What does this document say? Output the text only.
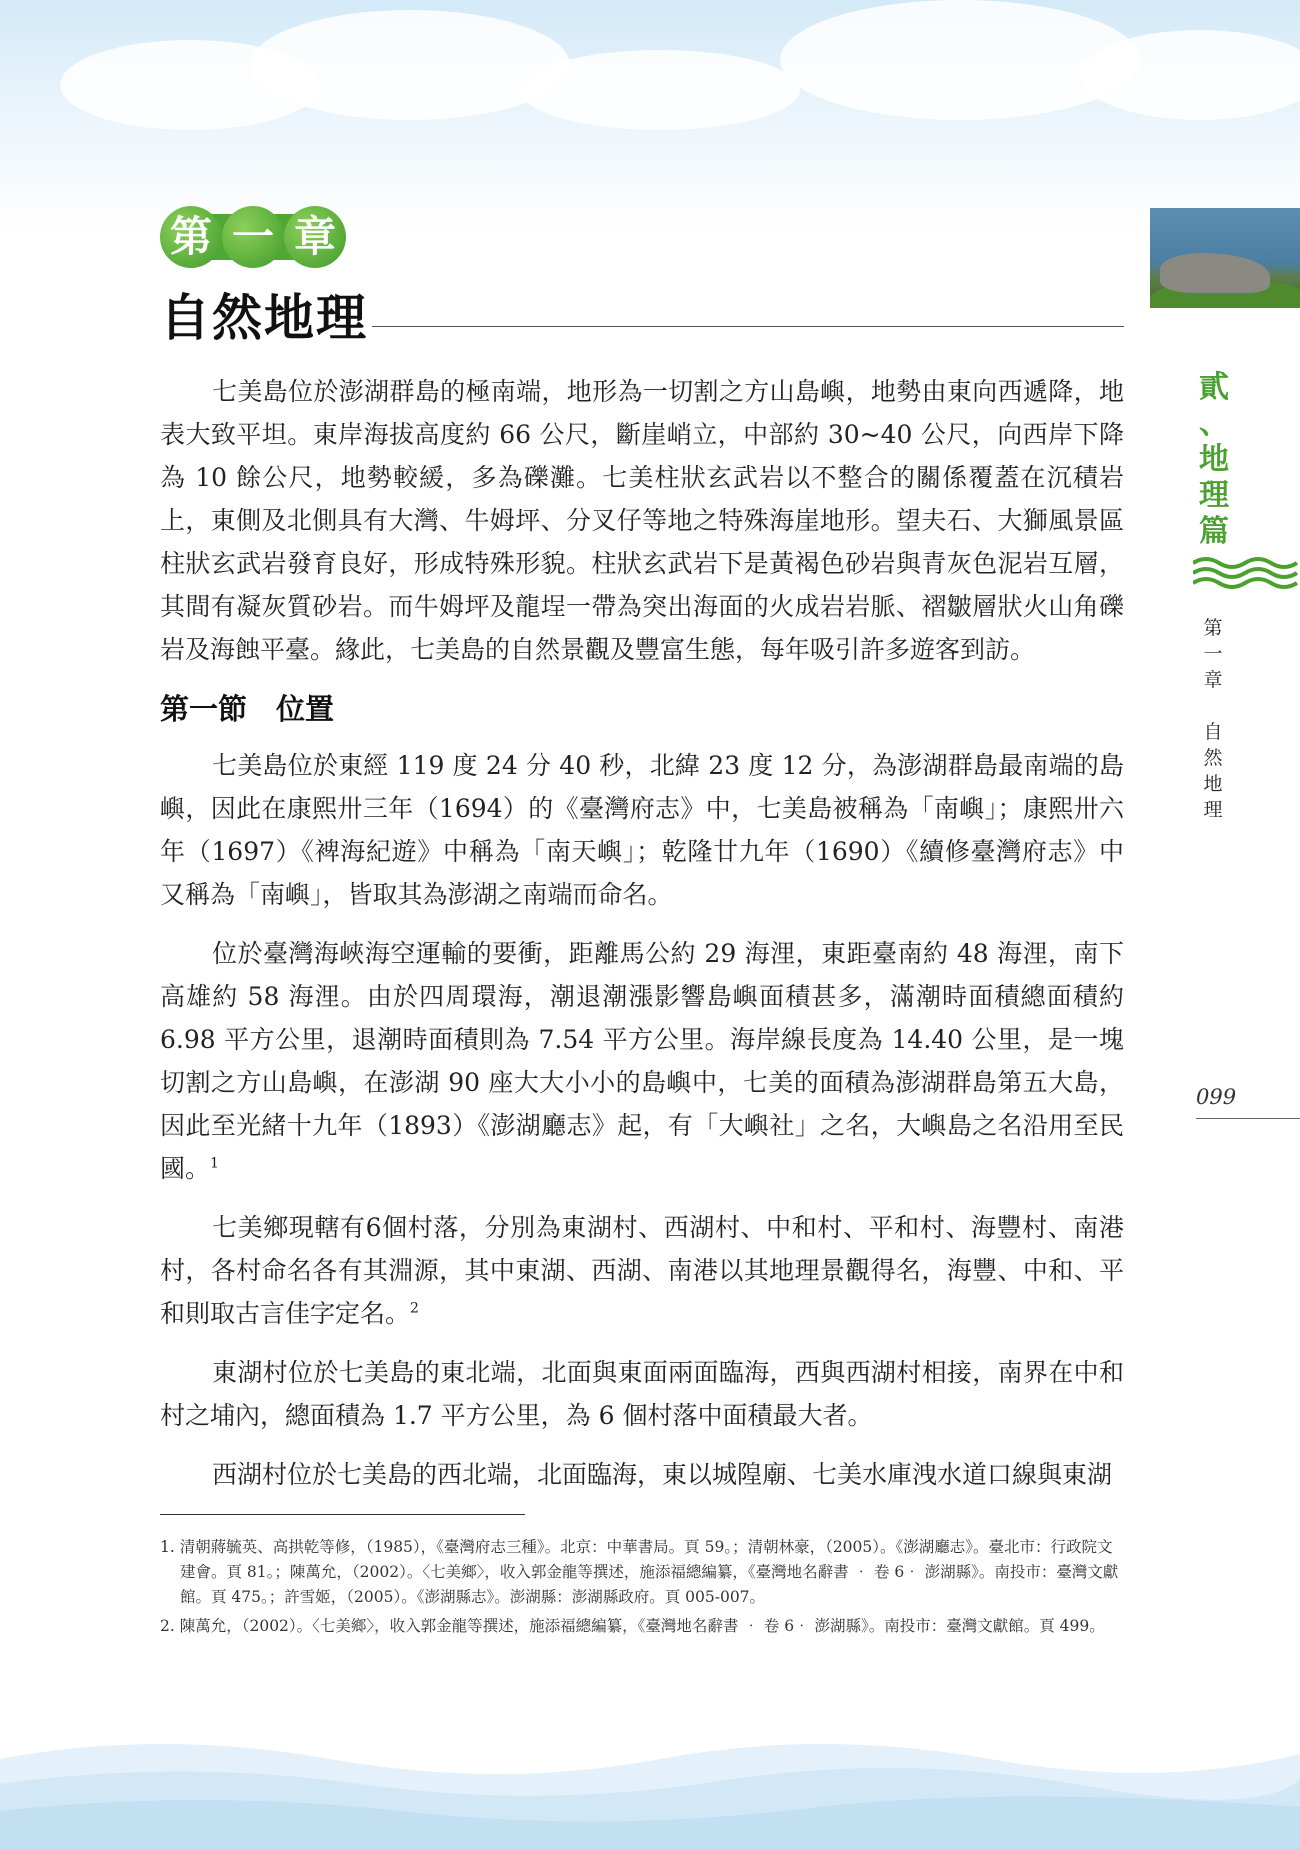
第 一 章
自然地理
貳
、
地
理
篇
第
一
章
自
然
地
理
099

七美島位於澎湖群島的極南端，地形為一切割之方山島嶼，地勢由東向西遞降，地表大致平坦。東岸海拔高度約 66 公尺，斷崖峭立，中部約 30~40 公尺，向西岸下降為 10 餘公尺，地勢較緩，多為礫灘。七美柱狀玄武岩以不整合的關係覆蓋在沉積岩上，東側及北側具有大灣、牛姆坪、分叉仔等地之特殊海崖地形。望夫石、大獅風景區柱狀玄武岩發育良好，形成特殊形貌。柱狀玄武岩下是黃褐色砂岩與青灰色泥岩互層，其間有凝灰質砂岩。而牛姆坪及龍埕一帶為突出海面的火成岩岩脈、褶皺層狀火山角礫岩及海蝕平臺。緣此，七美島的自然景觀及豐富生態，每年吸引許多遊客到訪。

第一節　位置

七美島位於東經 119 度 24 分 40 秒，北緯 23 度 12 分，為澎湖群島最南端的島嶼，因此在康熙卅三年（1694）的《臺灣府志》中，七美島被稱為「南嶼」；康熙卅六年（1697）《裨海紀遊》中稱為「南天嶼」；乾隆廿九年（1690）《續修臺灣府志》中又稱為「南嶼」，皆取其為澎湖之南端而命名。

位於臺灣海峽海空運輸的要衝，距離馬公約 29 海浬，東距臺南約 48 海浬，南下高雄約 58 海浬。由於四周環海，潮退潮漲影響島嶼面積甚多，滿潮時面積總面積約 6.98 平方公里，退潮時面積則為 7.54 平方公里。海岸線長度為 14.40 公里，是一塊切割之方山島嶼，在澎湖 90 座大大小小的島嶼中，七美的面積為澎湖群島第五大島，因此至光緒十九年（1893）《澎湖廳志》起，有「大嶼社」之名，大嶼島之名沿用至民國。$^1$

七美鄉現轄有6個村落，分別為東湖村、西湖村、中和村、平和村、海豐村、南港村，各村命名各有其淵源，其中東湖、西湖、南港以其地理景觀得名，海豐、中和、平和則取古言佳字定名。$^2$

東湖村位於七美島的東北端，北面與東面兩面臨海，西與西湖村相接，南界在中和村之埔內，總面積為 1.7 平方公里，為 6 個村落中面積最大者。

西湖村位於七美島的西北端，北面臨海，東以城隍廟、七美水庫洩水道口線與東湖

1. 清朝蔣毓英、高拱乾等修，（1985），《臺灣府志三種》。北京：中華書局。頁 59。；清朝林豪，（2005）。《澎湖廳志》。臺北市：行政院文建會。頁 81。；陳萬允，（2002）。〈七美鄉〉，收入郭金龍等撰述，施添福總編纂，《臺灣地名辭書 ‧ 卷 6‧ 澎湖縣》。南投市：臺灣文獻館。頁 475。；許雪姬，（2005）。《澎湖縣志》。澎湖縣：澎湖縣政府。頁 005-007。

2. 陳萬允，（2002）。〈七美鄉〉，收入郭金龍等撰述，施添福總編纂，《臺灣地名辭書 ‧ 卷 6‧ 澎湖縣》。南投市：臺灣文獻館。頁 499。
